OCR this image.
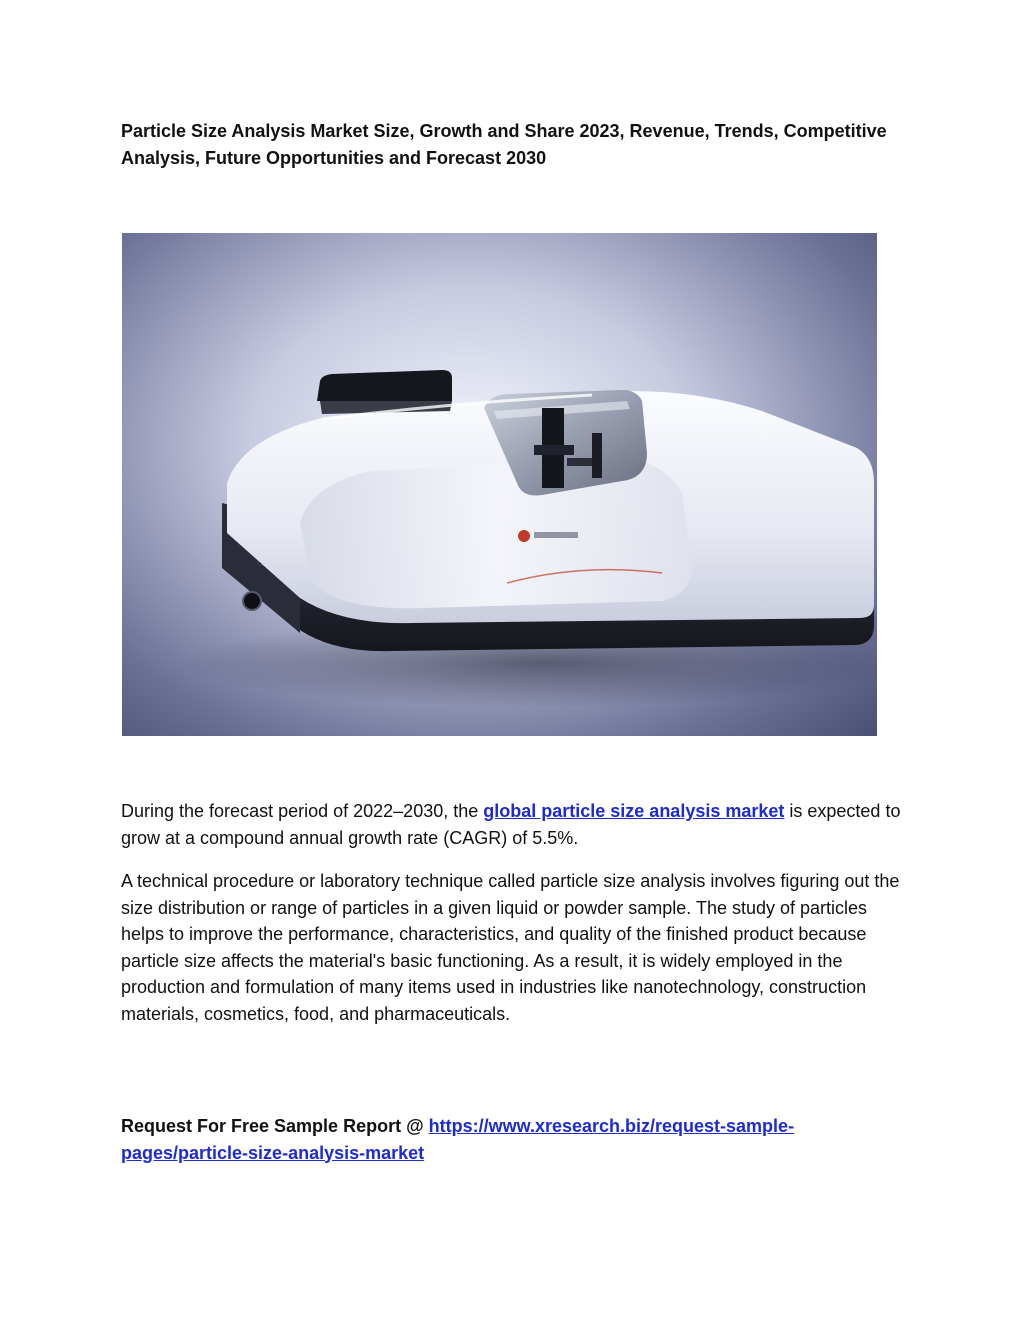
Particle Size Analysis Market Size, Growth and Share 2023, Revenue, Trends, Competitive Analysis, Future Opportunities and Forecast 2030

During the forecast period of 2022–2030, the global particle size analysis market is expected to grow at a compound annual growth rate (CAGR) of 5.5%.

A technical procedure or laboratory technique called particle size analysis involves figuring out the size distribution or range of particles in a given liquid or powder sample. The study of particles helps to improve the performance, characteristics, and quality of the finished product because particle size affects the material's basic functioning. As a result, it is widely employed in the production and formulation of many items used in industries like nanotechnology, construction materials, cosmetics, food, and pharmaceuticals.

Request For Free Sample Report @ https://www.xresearch.biz/request-sample-pages/particle-size-analysis-market
